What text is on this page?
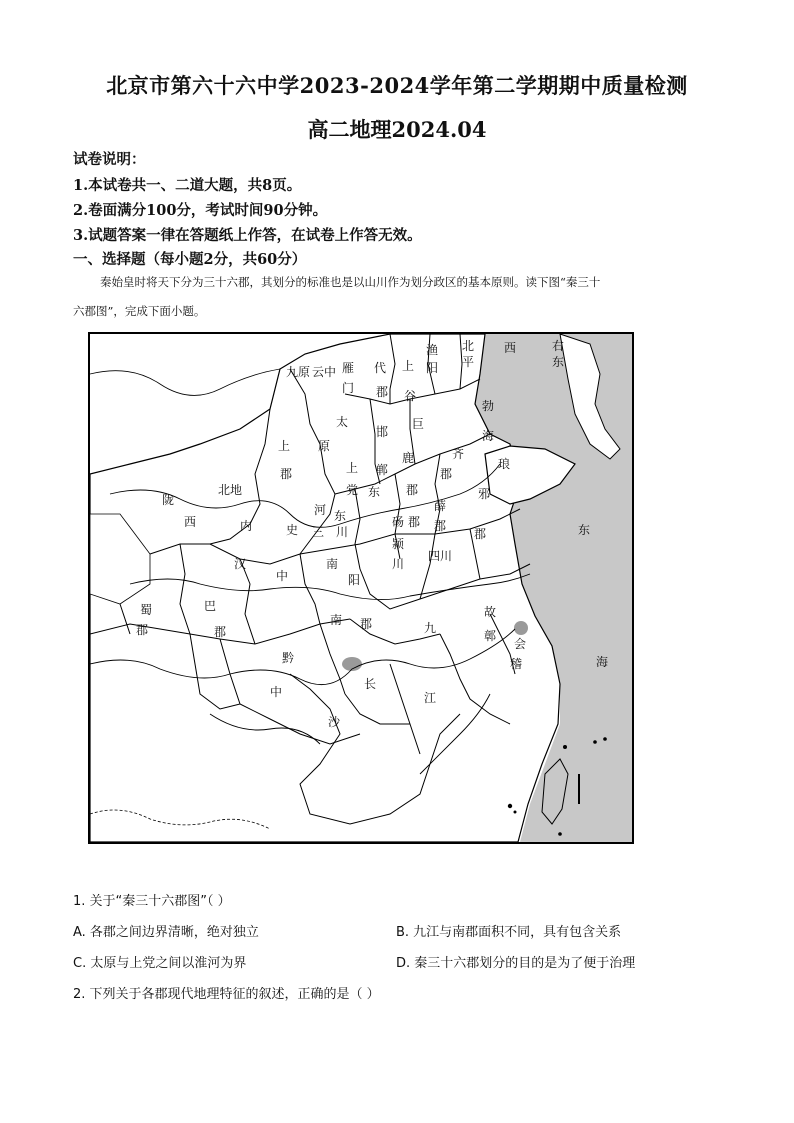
北京市第六十六中学2023-2024学年第二学期期中质量检测
高二地理2024.04
试卷说明：
1.本试卷共一、二道大题，共8页。
2.卷面满分100分，考试时间90分钟。
3.试题答案一律在答题纸上作答，在试卷上作答无效。
一、选择题（每小题2分，共60分）
秦始皇时将天下分为三十六郡，其划分的标准也是以山川作为划分政区的基本原则。读下图“秦三十
六郡图”，完成下面小题。
九原 云中 雁
门
代
郡
上
谷
渔
阳
北
平
西	右
东
勃
海
太
原
邯
郸
巨
鹿	齐
郡
琅
邪
上
党 东 郡
薛
郡
北地
陇
西	内	史
河 东
三 川
砀 郡
颍
川
四川
郡
汉
中
南
阳
蜀	巴
郡	郡
南 郡	九
故
鄣
会
稽
黔
中
长
沙
江
东
海
上
郡
1. 关于“秦三十六郡图”（ ）
A. 各郡之间边界清晰，绝对独立	B. 九江与南郡面积不同，具有包含关系
C. 太原与上党之间以淮河为界	D. 秦三十六郡划分的目的是为了便于治理
2. 下列关于各郡现代地理特征的叙述，正确的是（ ）
